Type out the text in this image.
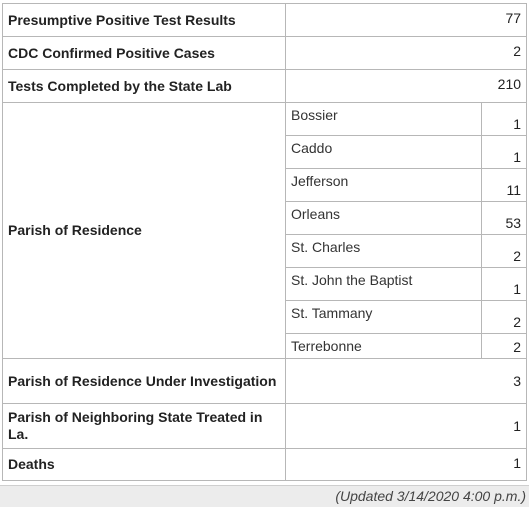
Presumptive Positive Test Results	77	
CDC Confirmed Positive Cases	2	
Tests Completed by the State Lab	210	
Parish of Residence	Bossier	1
	Caddo	1
	Jefferson	11
	Orleans	53
	St. Charles	2
	St. John the Baptist	1
	St. Tammany	2
	Terrebonne	2
Parish of Residence Under Investigation	3	
Parish of Neighboring State Treated in La.	1	
Deaths	1	
(Updated 3/14/2020 4:00 p.m.)
